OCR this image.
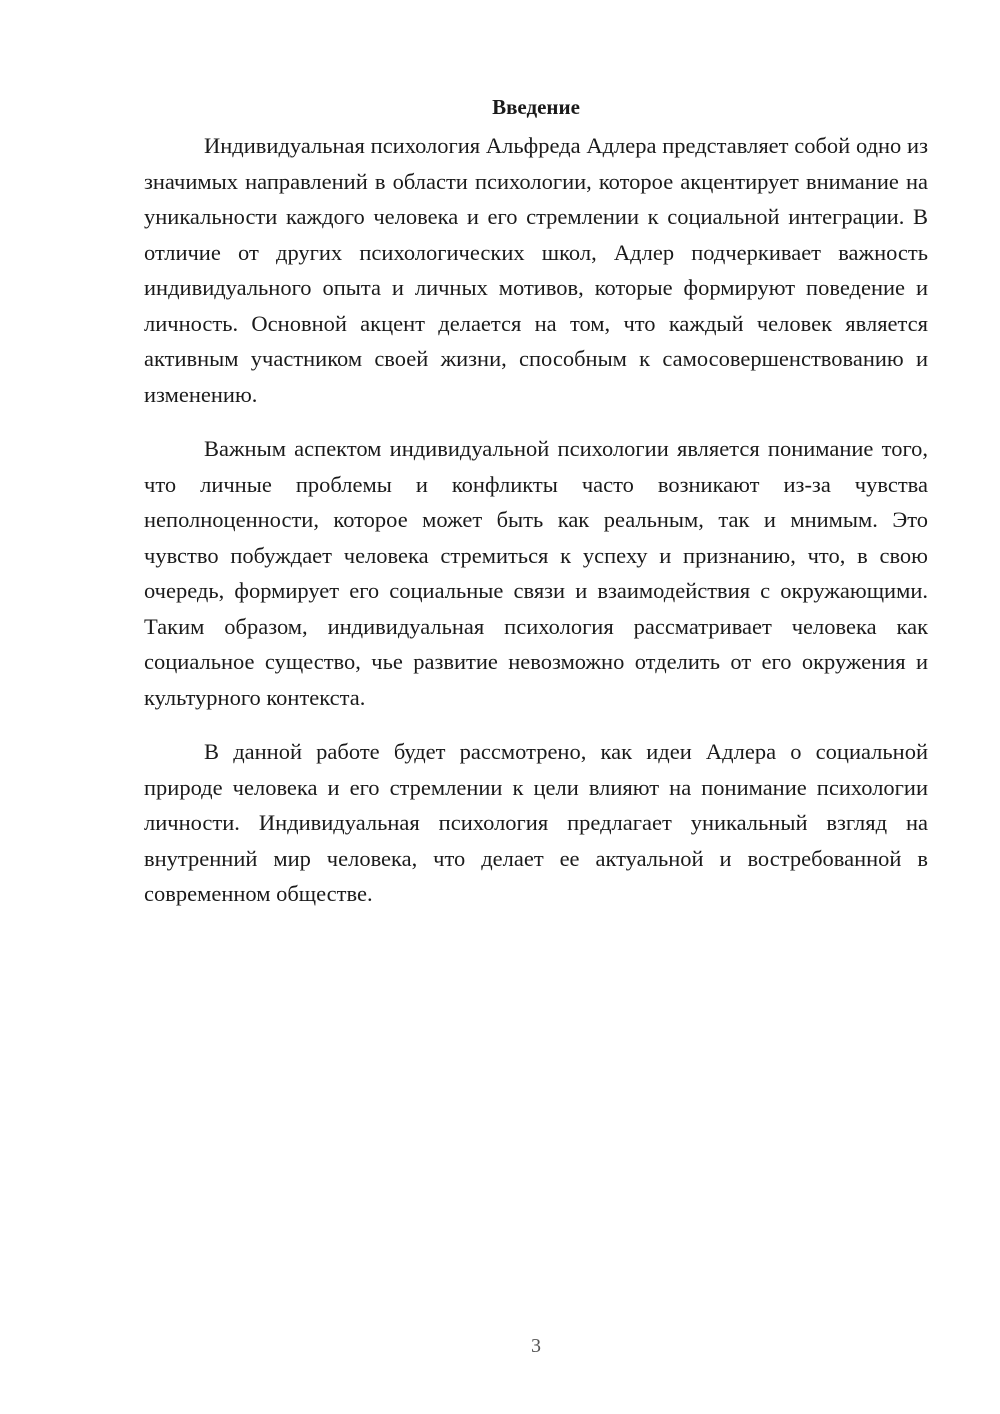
Введение

Индивидуальная психология Альфреда Адлера представляет собой одно из значимых направлений в области психологии, которое акцентирует внимание на уникальности каждого человека и его стремлении к социальной интеграции. В отличие от других психологических школ, Адлер подчеркивает важность индивидуального опыта и личных мотивов, которые формируют поведение и личность. Основной акцент делается на том, что каждый человек является активным участником своей жизни, способным к самосовершенствованию и изменению.

Важным аспектом индивидуальной психологии является понимание того, что личные проблемы и конфликты часто возникают из-за чувства неполноценности, которое может быть как реальным, так и мнимым. Это чувство побуждает человека стремиться к успеху и признанию, что, в свою очередь, формирует его социальные связи и взаимодействия с окружающими. Таким образом, индивидуальная психология рассматривает человека как социальное существо, чье развитие невозможно отделить от его окружения и культурного контекста.

В данной работе будет рассмотрено, как идеи Адлера о социальной природе человека и его стремлении к цели влияют на понимание психологии личности. Индивидуальная психология предлагает уникальный взгляд на внутренний мир человека, что делает ее актуальной и востребованной в современном обществе.

3
